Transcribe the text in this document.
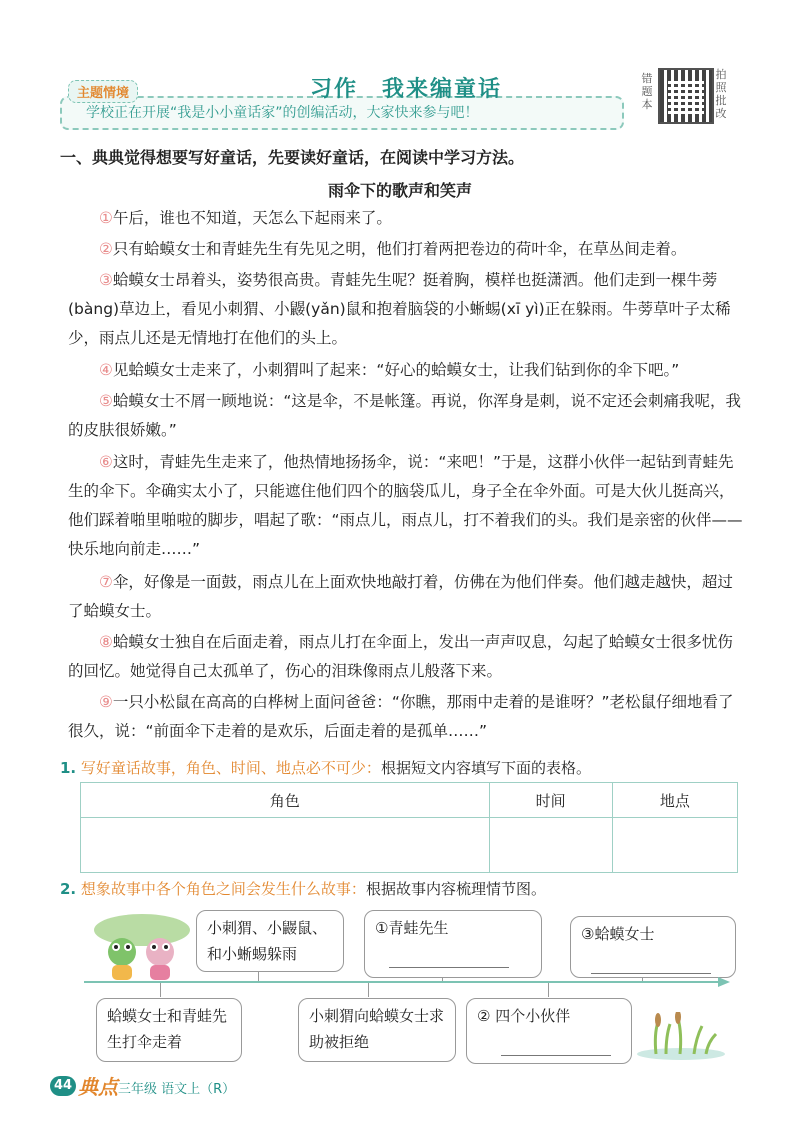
主题情境	习作 我来编童话
学校正在开展“我是小小童话家”的创编活动，大家快来参与吧！
错题本
拍照批改
一、典典觉得想要写好童话，先要读好童话，在阅读中学习方法。
雨伞下的歌声和笑声

①午后，谁也不知道，天怎么下起雨来了。

②只有蛤蟆女士和青蛙先生有先见之明，他们打着两把卷边的荷叶伞，在草丛间走着。

③蛤蟆女士昂着头，姿势很高贵。青蛙先生呢？挺着胸，模样也挺潇洒。他们走到一棵牛蒡(bàng)草边上，看见小刺猬、小鼹(yǎn)鼠和抱着脑袋的小蜥蜴(xī yì)正在躲雨。牛蒡草叶子太稀少，雨点儿还是无情地打在他们的头上。

④见蛤蟆女士走来了，小刺猬叫了起来：“好心的蛤蟆女士，让我们钻到你的伞下吧。”

⑤蛤蟆女士不屑一顾地说：“这是伞，不是帐篷。再说，你浑身是刺，说不定还会刺痛我呢，我的皮肤很娇嫩。”

⑥这时，青蛙先生走来了，他热情地扬扬伞，说：“来吧！”于是，这群小伙伴一起钻到青蛙先生的伞下。伞确实太小了，只能遮住他们四个的脑袋瓜儿，身子全在伞外面。可是大伙儿挺高兴，他们踩着啪里啪啦的脚步，唱起了歌：“雨点儿，雨点儿，打不着我们的头。我们是亲密的伙伴——快乐地向前走……”

⑦伞，好像是一面鼓，雨点儿在上面欢快地敲打着，仿佛在为他们伴奏。他们越走越快，超过了蛤蟆女士。

⑧蛤蟆女士独自在后面走着，雨点儿打在伞面上，发出一声声叹息，勾起了蛤蟆女士很多忧伤的回忆。她觉得自己太孤单了，伤心的泪珠像雨点儿般落下来。

⑨一只小松鼠在高高的白桦树上面问爸爸：“你瞧，那雨中走着的是谁呀？”老松鼠仔细地看了很久，说：“前面伞下走着的是欢乐，后面走着的是孤单……”

1. 写好童话故事，角色、时间、地点必不可少：根据短文内容填写下面的表格。
角色	时间	地点

2. 想象故事中各个角色之间会发生什么故事：根据故事内容梳理情节图。
小刺猬、小鼹鼠、和小蜥蜴躲雨
①青蛙先生
	③蛤蟆女士

蛤蟆女士和青蛙先生打伞走着
小刺猬向蛤蟆女士求助被拒绝
② 四个小伙伴

44 典点 三年级 语文上（R）
